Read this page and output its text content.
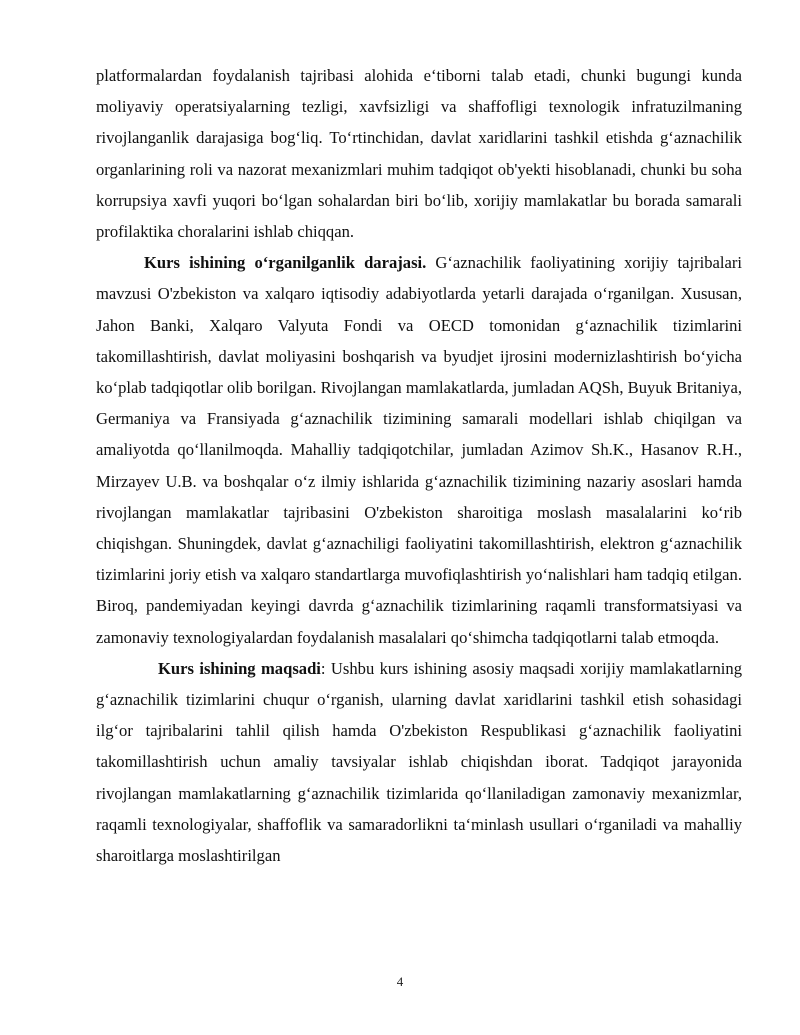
platformalardan foydalanish tajribasi alohida e‘tiborni talab etadi, chunki bugungi kunda moliyaviy operatsiyalarning tezligi, xavfsizligi va shaffofligi texnologik infratuzilmaning rivojlanganlik darajasiga bog‘liq. To‘rtinchidan, davlat xaridlarini tashkil etishda g‘aznachilik organlarining roli va nazorat mexanizmlari muhim tadqiqot ob'yekti hisoblanadi, chunki bu soha korrupsiya xavfi yuqori bo‘lgan sohalardan biri bo‘lib, xorijiy mamlakatlar bu borada samarali profilaktika choralarini ishlab chiqqan.

Kurs ishining o‘rganilganlik darajasi. G‘aznachilik faoliyatining xorijiy tajribalari mavzusi O'zbekiston va xalqaro iqtisodiy adabiyotlarda yetarli darajada o‘rganilgan. Xususan, Jahon Banki, Xalqaro Valyuta Fondi va OECD tomonidan g‘aznachilik tizimlarini takomillashtirish, davlat moliyasini boshqarish va byudjet ijrosini modernizlashtirish bo‘yicha ko‘plab tadqiqotlar olib borilgan. Rivojlangan mamlakatlarda, jumladan AQSh, Buyuk Britaniya, Germaniya va Fransiyada g‘aznachilik tizimining samarali modellari ishlab chiqilgan va amaliyotda qo‘llanilmoqda. Mahalliy tadqiqotchilar, jumladan Azimov Sh.K., Hasanov R.H., Mirzayev U.B. va boshqalar o‘z ilmiy ishlarida g‘aznachilik tizimining nazariy asoslari hamda rivojlangan mamlakatlar tajribasini O'zbekiston sharoitiga moslash masalalarini ko‘rib chiqishgan. Shuningdek, davlat g‘aznachiligi faoliyatini takomillashtirish, elektron g‘aznachilik tizimlarini joriy etish va xalqaro standartlarga muvofiqlashtirish yo‘nalishlari ham tadqiq etilgan. Biroq, pandemiyadan keyingi davrda g‘aznachilik tizimlarining raqamli transformatsiyasi va zamonaviy texnologiyalardan foydalanish masalalari qo‘shimcha tadqiqotlarni talab etmoqda.

Kurs ishining maqsadi: Ushbu kurs ishining asosiy maqsadi xorijiy mamlakatlarning g‘aznachilik tizimlarini chuqur o‘rganish, ularning davlat xaridlarini tashkil etish sohasidagi ilg‘or tajribalarini tahlil qilish hamda O'zbekiston Respublikasi g‘aznachilik faoliyatini takomillashtirish uchun amaliy tavsiyalar ishlab chiqishdan iborat. Tadqiqot jarayonida rivojlangan mamlakatlarning g‘aznachilik tizimlarida qo‘llaniladigan zamonaviy mexanizmlar, raqamli texnologiyalar, shaffoflik va samaradorlikni ta‘minlash usullari o‘rganiladi va mahalliy sharoitlarga moslashtirilgan

4
